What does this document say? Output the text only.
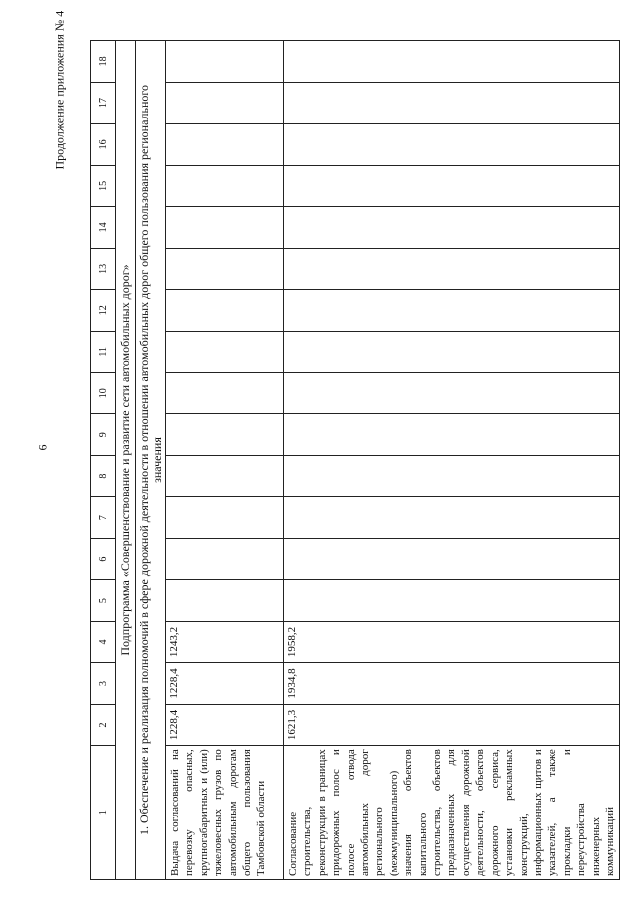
6
Продолжение приложения № 4
1	2	3	4	5	6	7	8	9	10	11	12	13	14	15	16	17	18
Подпрограмма «Совершенствование и развитие сети автомобильных дорог»																	
1. Обеспечение и реализация полномочий в сфере дорожной деятельности в отношении автомобильных дорог общего пользования регионального значения																	
Выдача согласований на перевозку опасных, крупногабаритных и (или) тяжеловесных грузов по автомобильным дорогам общего пользования Тамбовской области	1228,4	1228,4	1243,2														
Согласование строительства, реконструкции в границах придорожных полос и полосе отвода автомобильных дорог регионального (межмуниципального) значения объектов капитального строительства, объектов предназначенных для осуществления дорожной деятельности, объектов дорожного сервиса, установки рекламных конструкций, информационных щитов и указателей, а также прокладки и переустройства инженерных коммуникаций	1621,3	1934,8	1958,2														
